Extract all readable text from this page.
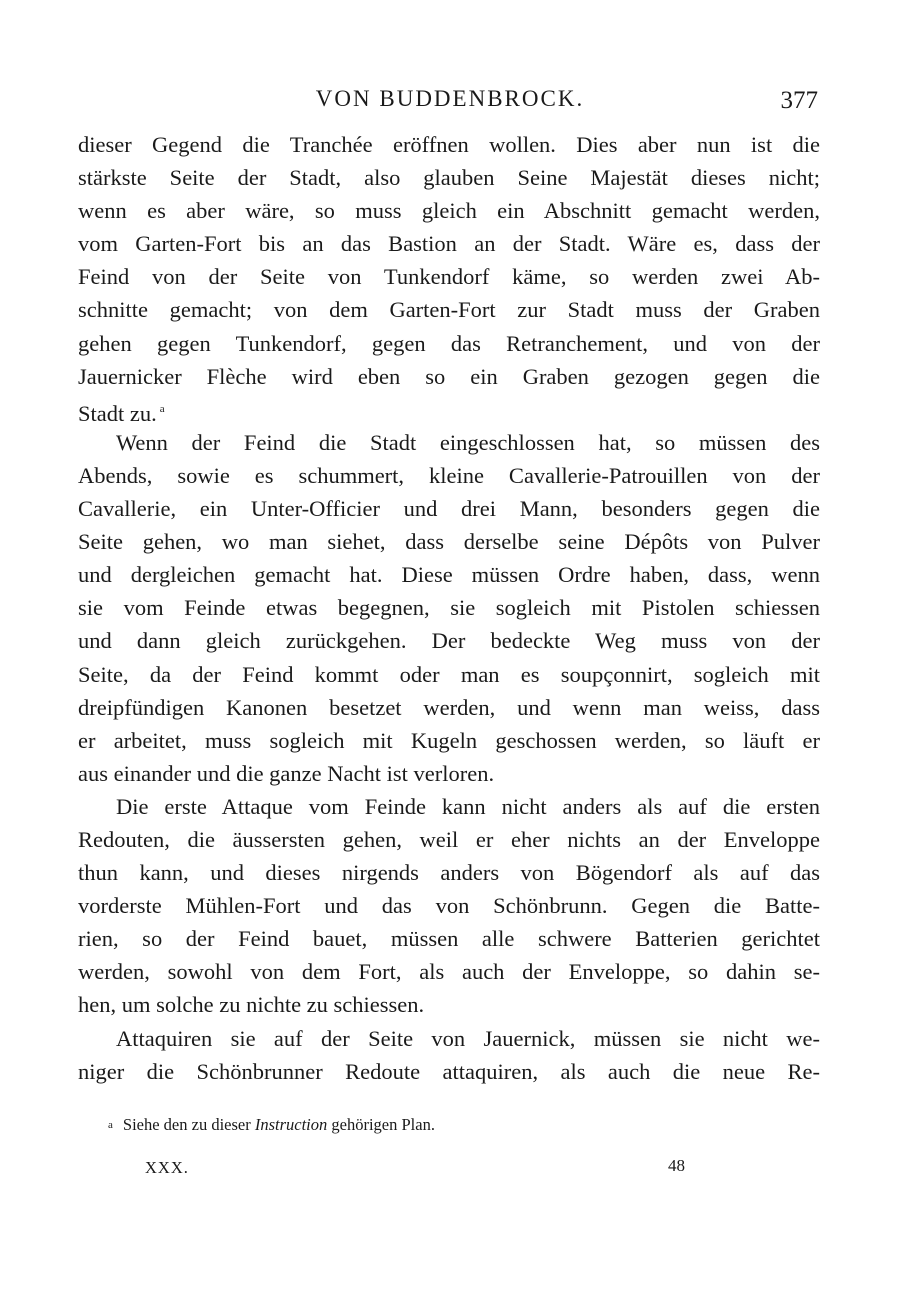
VON BUDDENBROCK.	377
dieser Gegend die Tranchée eröffnen wollen. Dies aber nun ist die
stärkste Seite der Stadt, also glauben Seine Majestät dieses nicht;
wenn es aber wäre, so muss gleich ein Abschnitt gemacht werden,
vom Garten-Fort bis an das Bastion an der Stadt. Wäre es, dass der
Feind von der Seite von Tunkendorf käme, so werden zwei Ab-
schnitte gemacht; von dem Garten-Fort zur Stadt muss der Graben
gehen gegen Tunkendorf, gegen das Retranchement, und von der
Jauernicker Flèche wird eben so ein Graben gezogen gegen die
Stadt zu. $^a$
Wenn der Feind die Stadt eingeschlossen hat, so müssen des
Abends, sowie es schummert, kleine Cavallerie-Patrouillen von der
Cavallerie, ein Unter-Officier und drei Mann, besonders gegen die
Seite gehen, wo man siehet, dass derselbe seine Dépôts von Pulver
und dergleichen gemacht hat. Diese müssen Ordre haben, dass, wenn
sie vom Feinde etwas begegnen, sie sogleich mit Pistolen schiessen
und dann gleich zurückgehen. Der bedeckte Weg muss von der
Seite, da der Feind kommt oder man es soupçonnirt, sogleich mit
dreipfündigen Kanonen besetzet werden, und wenn man weiss, dass
er arbeitet, muss sogleich mit Kugeln geschossen werden, so läuft er
aus einander und die ganze Nacht ist verloren.
Die erste Attaque vom Feinde kann nicht anders als auf die ersten
Redouten, die äussersten gehen, weil er eher nichts an der Enveloppe
thun kann, und dieses nirgends anders von Bögendorf als auf das
vorderste Mühlen-Fort und das von Schönbrunn. Gegen die Batte-
rien, so der Feind bauet, müssen alle schwere Batterien gerichtet
werden, sowohl von dem Fort, als auch der Enveloppe, so dahin se-
hen, um solche zu nichte zu schiessen.
Attaquiren sie auf der Seite von Jauernick, müssen sie nicht we-
niger die Schönbrunner Redoute attaquiren, als auch die neue Re-
a Siehe den zu dieser Instruction gehörigen Plan.
XXX.	48
